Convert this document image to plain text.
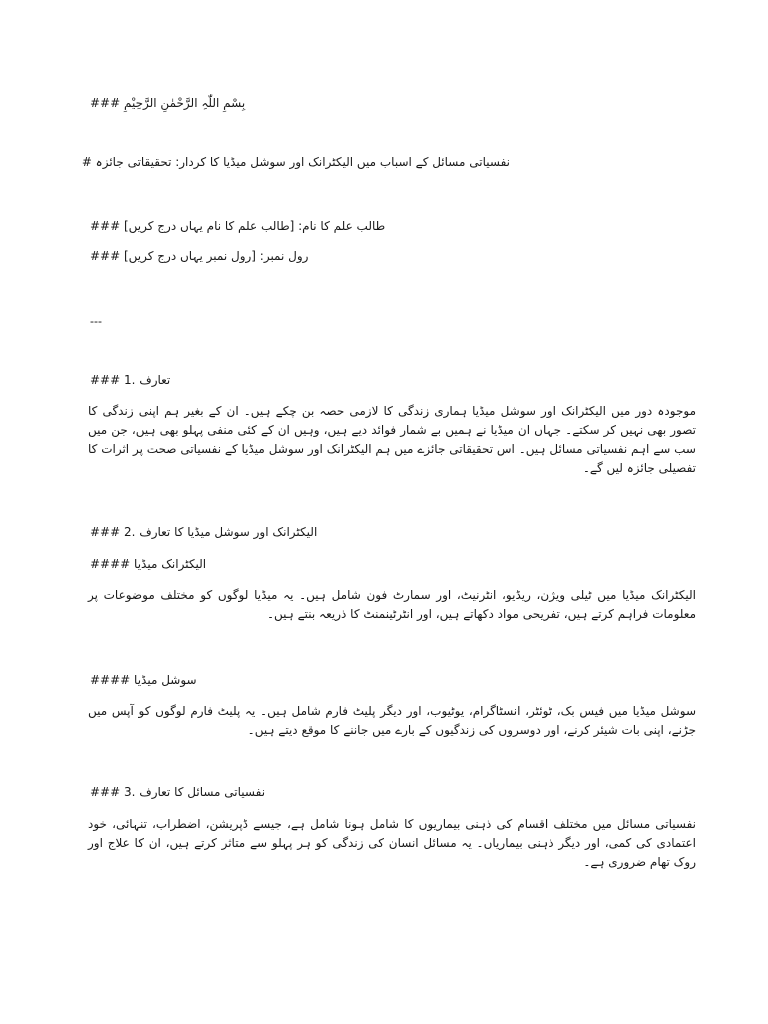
بِسْمِ اللّٰہِ الرَّحْمٰنِ الرَّحِیْمِ ###
نفسیاتی مسائل کے اسباب میں الیکٹرانک اور سوشل میڈیا کا کردار: تحقیقاتی جائزہ #
طالب علم کا نام: [طالب علم کا نام یہاں درج کریں] ###
رول نمبر: [رول نمبر یہاں درج کریں] ###
---
تعارف .1 ###
موجودہ دور میں الیکٹرانک اور سوشل میڈیا ہماری زندگی کا لازمی حصہ بن چکے ہیں۔ ان کے بغیر ہم اپنی زندگی کا تصور بھی نہیں کر سکتے۔ جہاں ان میڈیا نے ہمیں بے شمار فوائد دیے ہیں، وہیں ان کے کئی منفی پہلو بھی ہیں، جن میں سب سے اہم نفسیاتی مسائل ہیں۔ اس تحقیقاتی جائزے میں ہم الیکٹرانک اور سوشل میڈیا کے نفسیاتی صحت پر اثرات کا تفصیلی جائزہ لیں گے۔
الیکٹرانک اور سوشل میڈیا کا تعارف .2 ###
الیکٹرانک میڈیا ####
الیکٹرانک میڈیا میں ٹیلی ویژن، ریڈیو، انٹرنیٹ، اور سمارٹ فون شامل ہیں۔ یہ میڈیا لوگوں کو مختلف موضوعات پر معلومات فراہم کرتے ہیں، تفریحی مواد دکھاتے ہیں، اور انٹرٹینمنٹ کا ذریعہ بنتے ہیں۔
سوشل میڈیا ####
سوشل میڈیا میں فیس بک، ٹوئٹر، انسٹاگرام، یوٹیوب، اور دیگر پلیٹ فارم شامل ہیں۔ یہ پلیٹ فارم لوگوں کو آپس میں جڑنے، اپنی بات شیئر کرنے، اور دوسروں کی زندگیوں کے بارے میں جاننے کا موقع دیتے ہیں۔
نفسیاتی مسائل کا تعارف .3 ###
نفسیاتی مسائل میں مختلف اقسام کی ذہنی بیماریوں کا شامل ہونا شامل ہے، جیسے ڈپریشن، اضطراب، تنہائی، خود اعتمادی کی کمی، اور دیگر ذہنی بیماریاں۔ یہ مسائل انسان کی زندگی کو ہر پہلو سے متاثر کرتے ہیں، ان کا علاج اور روک تھام ضروری ہے۔
